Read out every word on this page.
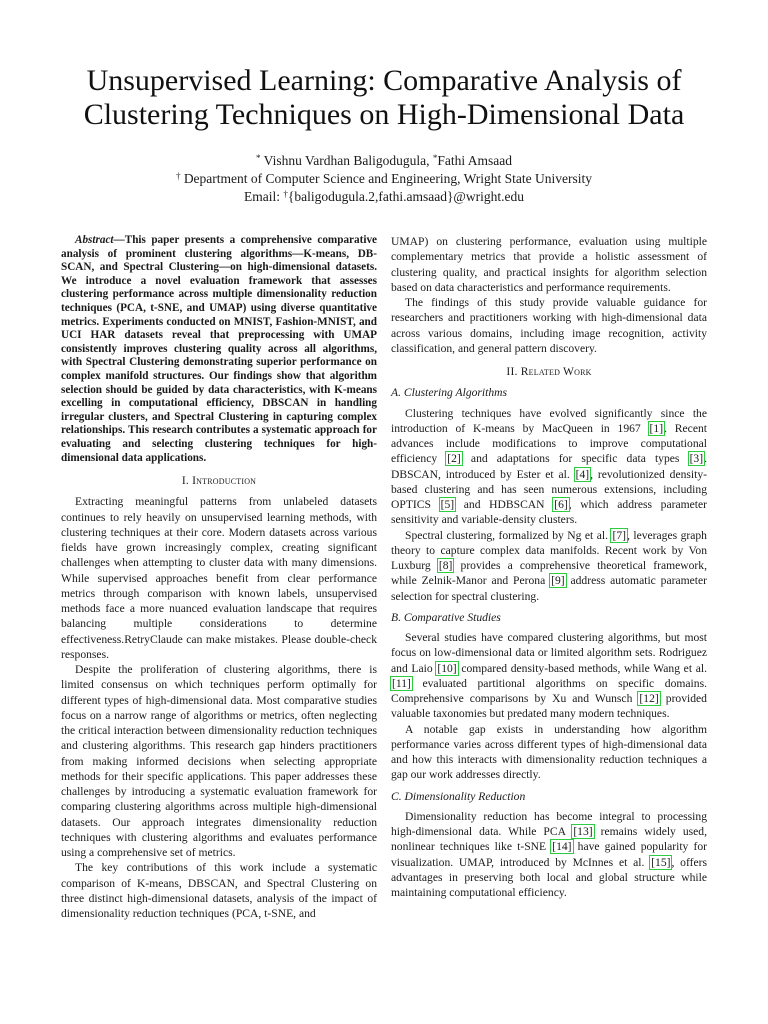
Unsupervised Learning: Comparative Analysis of
Clustering Techniques on High-Dimensional Data
* Vishnu Vardhan Baligodugula, *Fathi Amsaad
† Department of Computer Science and Engineering, Wright State University
Email: †{baligodugula.2,fathi.amsaad}@wright.edu

Abstract—This paper presents a comprehensive comparative analysis of prominent clustering algorithms—K-means, DB-SCAN, and Spectral Clustering—on high-dimensional datasets. We introduce a novel evaluation framework that assesses clustering performance across multiple dimensionality reduction techniques (PCA, t-SNE, and UMAP) using diverse quantitative metrics. Experiments conducted on MNIST, Fashion-MNIST, and UCI HAR datasets reveal that preprocessing with UMAP consistently improves clustering quality across all algorithms, with Spectral Clustering demonstrating superior performance on complex manifold structures. Our findings show that algorithm selection should be guided by data characteristics, with K-means excelling in computational efficiency, DBSCAN in handling irregular clusters, and Spectral Clustering in capturing complex relationships. This research contributes a systematic approach for evaluating and selecting clustering techniques for high-dimensional data applications.

I. Introduction

Extracting meaningful patterns from unlabeled datasets continues to rely heavily on unsupervised learning methods, with clustering techniques at their core. Modern datasets across various fields have grown increasingly complex, creating significant challenges when attempting to cluster data with many dimensions. While supervised approaches benefit from clear performance metrics through comparison with known labels, unsupervised methods face a more nuanced evaluation landscape that requires balancing multiple considerations to determine effectiveness.RetryClaude can make mistakes. Please double-check responses.

Despite the proliferation of clustering algorithms, there is limited consensus on which techniques perform optimally for different types of high-dimensional data. Most comparative studies focus on a narrow range of algorithms or metrics, often neglecting the critical interaction between dimensionality reduction techniques and clustering algorithms. This research gap hinders practitioners from making informed decisions when selecting appropriate methods for their specific applications. This paper addresses these challenges by introducing a systematic evaluation framework for comparing clustering algorithms across multiple high-dimensional datasets. Our approach integrates dimensionality reduction techniques with clustering algorithms and evaluates performance using a comprehensive set of metrics.

The key contributions of this work include a systematic comparison of K-means, DBSCAN, and Spectral Clustering on three distinct high-dimensional datasets, analysis of the impact of dimensionality reduction techniques (PCA, t-SNE, and

UMAP) on clustering performance, evaluation using multiple complementary metrics that provide a holistic assessment of clustering quality, and practical insights for algorithm selection based on data characteristics and performance requirements.

The findings of this study provide valuable guidance for researchers and practitioners working with high-dimensional data across various domains, including image recognition, activity classification, and general pattern discovery.

II. Related Work
A. Clustering Algorithms

Clustering techniques have evolved significantly since the introduction of K-means by MacQueen in 1967 [1]. Recent advances include modifications to improve computational efficiency [2] and adaptations for specific data types [3]. DBSCAN, introduced by Ester et al. [4], revolutionized density-based clustering and has seen numerous extensions, including OPTICS [5] and HDBSCAN [6], which address parameter sensitivity and variable-density clusters.

Spectral clustering, formalized by Ng et al. [7], leverages graph theory to capture complex data manifolds. Recent work by Von Luxburg [8] provides a comprehensive theoretical framework, while Zelnik-Manor and Perona [9] address automatic parameter selection for spectral clustering.

B. Comparative Studies

Several studies have compared clustering algorithms, but most focus on low-dimensional data or limited algorithm sets. Rodriguez and Laio [10] compared density-based methods, while Wang et al. [11] evaluated partitional algorithms on specific domains. Comprehensive comparisons by Xu and Wunsch [12] provided valuable taxonomies but predated many modern techniques.

A notable gap exists in understanding how algorithm performance varies across different types of high-dimensional data and how this interacts with dimensionality reduction techniques a gap our work addresses directly.

C. Dimensionality Reduction

Dimensionality reduction has become integral to processing high-dimensional data. While PCA [13] remains widely used, nonlinear techniques like t-SNE [14] have gained popularity for visualization. UMAP, introduced by McInnes et al. [15], offers advantages in preserving both local and global structure while maintaining computational efficiency.
